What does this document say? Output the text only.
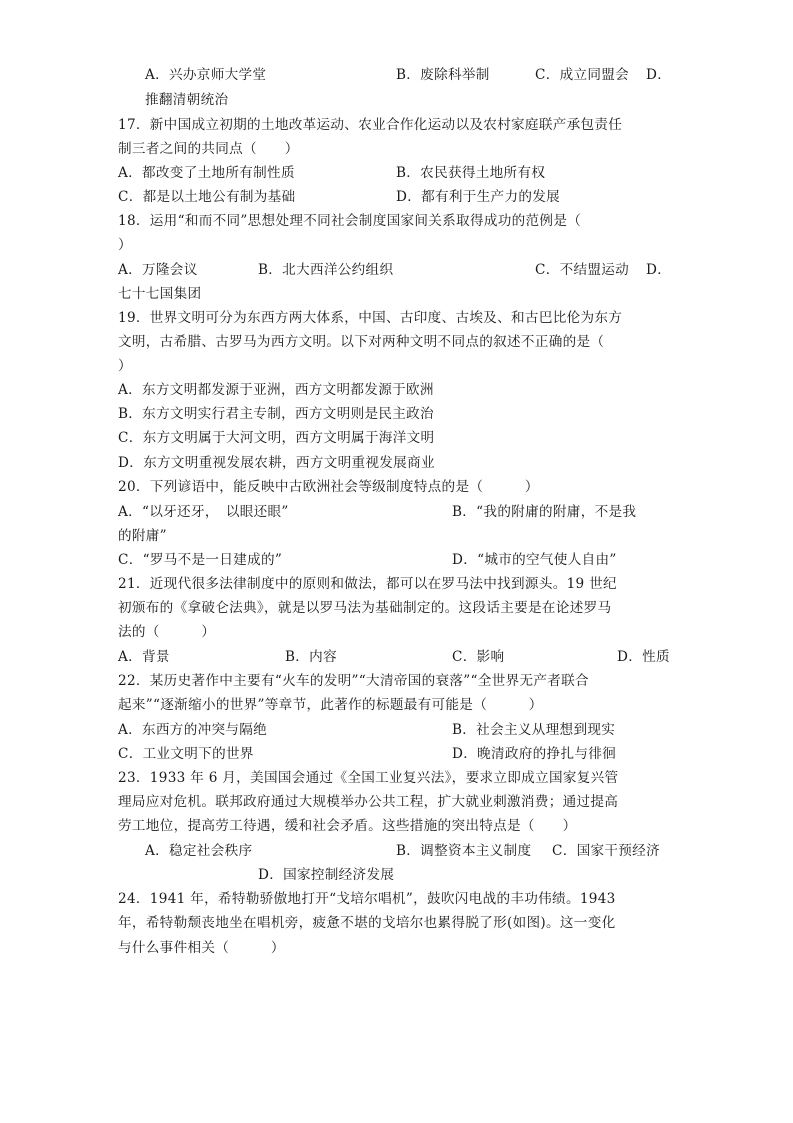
A．兴办京师大学堂	B．废除科举制	C．成立同盟会 D．
推翻清朝统治
17．新中国成立初期的土地改革运动、农业合作化运动以及农村家庭联产承包责任
制三者之间的共同点（　　）
A．都改变了土地所有制性质	B．农民获得土地所有权
C．都是以土地公有制为基础	D．都有利于生产力的发展
18．运用“和而不同”思想处理不同社会制度国家间关系取得成功的范例是（
）
A．万隆会议	B．北大西洋公约组织	C．不结盟运动 D．
七十七国集团
19．世界文明可分为东西方两大体系，中国、古印度、古埃及、和古巴比伦为东方
文明，古希腊、古罗马为西方文明。以下对两种文明不同点的叙述不正确的是（
）
A．东方文明都发源于亚洲，西方文明都发源于欧洲
B．东方文明实行君主专制，西方文明则是民主政治
C．东方文明属于大河文明，西方文明属于海洋文明
D．东方文明重视发展农耕，西方文明重视发展商业
20．下列谚语中，能反映中古欧洲社会等级制度特点的是（　　　）
A．“以牙还牙，　以眼还眼”	B．“我的附庸的附庸，不是我
的附庸”
C．“罗马不是一日建成的”	D．“城市的空气使人自由”
21．近现代很多法律制度中的原则和做法，都可以在罗马法中找到源头。19 世纪
初颁布的《拿破仑法典》，就是以罗马法为基础制定的。这段话主要是在论述罗马
法的（　　　）
A．背景	B．内容	C．影响	D．性质
22．某历史著作中主要有“火车的发明”“大清帝国的衰落”“全世界无产者联合
起来”“逐渐缩小的世界”等章节，此著作的标题最有可能是（　　　）
A．东西方的冲突与隔绝	B．社会主义从理想到现实
C．工业文明下的世界	D．晚清政府的挣扎与徘徊
23．1933 年 6 月，美国国会通过《全国工业复兴法》，要求立即成立国家复兴管
理局应对危机。联邦政府通过大规模举办公共工程，扩大就业刺激消费；通过提高
劳工地位，提高劳工待遇，缓和社会矛盾。这些措施的突出特点是（　　）
A．稳定社会秩序	B．调整资本主义制度 C．国家干预经济
D．国家控制经济发展
24．1941 年，希特勒骄傲地打开“戈培尔唱机”，鼓吹闪电战的丰功伟绩。1943
年，希特勒颓丧地坐在唱机旁，疲惫不堪的戈培尔也累得脱了形(如图)。这一变化
与什么事件相关（　　　）
